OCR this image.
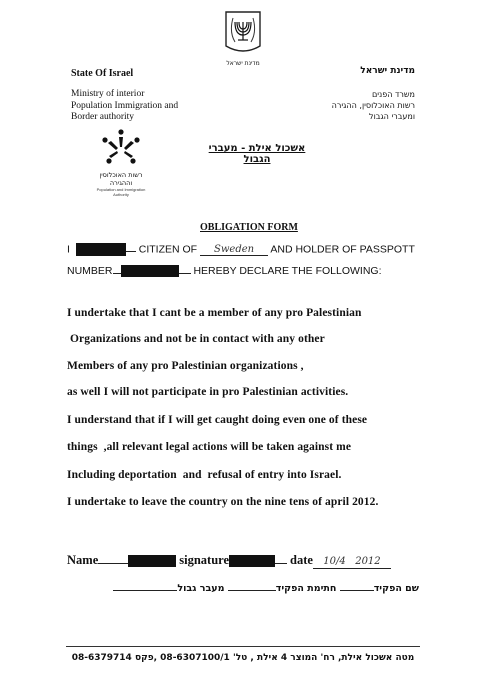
מדינת ישראל
State Of Israel
Ministry of interior
Population Immigration and
Border authority
מדינת ישראל
משרד הפנים
רשות האוכלוסין, ההגירה
ומעברי הגבול
רשות האוכלוסין
וההגירה
Population and Immigration
Authority
אשכול אילת - מעברי הגבול
OBLIGATION FORM
I	CITIZEN OF Sweden AND HOLDER OF PASSPOTT
NUMBER	HEREBY DECLARE THE FOLLOWING:
I undertake that I cant be a member of any pro Palestinian
Organizations and not be in contact with any other
Members of any pro Palestinian organizations ,
as well I will not participate in pro Palestinian activities.
I understand that if I will get caught doing even one of these
things  ,all relevant legal actions will be taken against me
Including deportation  and  refusal of entry into Israel.
I undertake to leave the country on the nine tens of april 2012.
Name	signature	date 10/4   2012
שם הפקיד חתימת הפקיד מעבר גבול
מטה אשכול אילת, רח' המוצר 4 אילת , טל' 08-6307100/1 ,פקס 08-6379714
